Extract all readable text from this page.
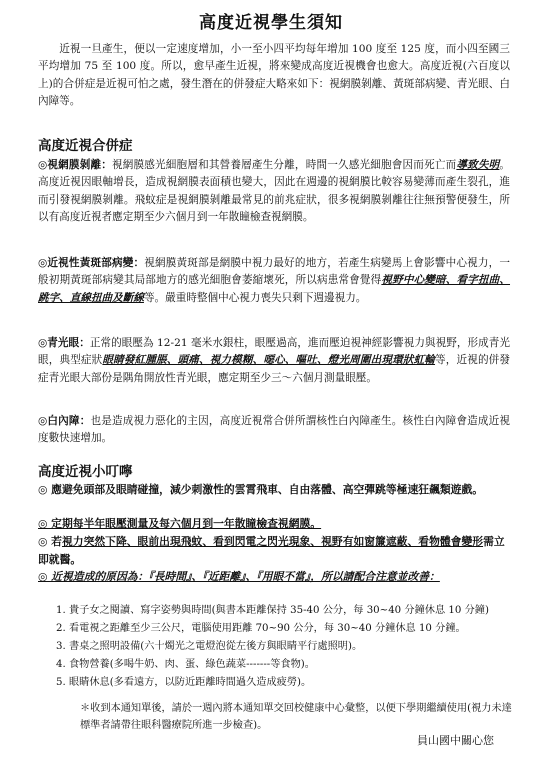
高度近視學生須知
近視一旦產生，便以一定速度增加，小一至小四平均每年增加 100 度至 125 度，而小四至國三平均增加 75 至 100 度。所以，愈早產生近視，將來變成高度近視機會也愈大。高度近視(六百度以上)的合併症是近視可怕之處，發生潛在的併發症大略來如下：視網膜剝離、黃斑部病變、青光眼、白內障等。
高度近視合併症
◎視網膜剝離：視網膜感光細胞層和其營養層產生分離，時間一久感光細胞會因而死亡而導致失明。高度近視因眼軸增長，造成視網膜表面積也變大，因此在週邊的視網膜比較容易變薄而產生裂孔，進而引發視網膜剝離。飛蚊症是視網膜剝離最常見的前兆症狀，很多視網膜剝離往往無預警便發生，所以有高度近視者應定期至少六個月到一年散瞳檢查視網膜。
◎近視性黃斑部病變：視網膜黃斑部是網膜中視力最好的地方，若產生病變馬上會影響中心視力，一般初期黃斑部病變其局部地方的感光細胞會萎縮壞死，所以病患常會覺得視野中心變暗、看字扭曲、跳字、直線扭曲及斷線等。嚴重時整個中心視力喪失只剩下週邊視力。
◎青光眼：正常的眼壓為 12-21 毫米水銀柱，眼壓過高，進而壓迫視神經影響視力與視野，形成青光眼，典型症狀眼睛發紅腫脹、頭痛、視力模糊、噁心、嘔吐、燈光周圍出現環狀虹輪等，近視的併發症青光眼大部份是隅角開放性青光眼，應定期至少三～六個月測量眼壓。
◎白內障：也是造成視力惡化的主因，高度近視常合併所謂核性白內障產生。核性白內障會造成近視度數快速增加。
高度近視小叮嚀
◎ 應避免頭部及眼睛碰撞，減少刺激性的雲霄飛車、自由落體、高空彈跳等極速狂飆類遊戲。
◎ 定期每半年眼壓測量及每六個月到一年散瞳檢查視網膜。
◎ 若視力突然下降、眼前出現飛蚊、看到閃電之閃光現象、視野有如窗簾遮蔽、看物體會變形需立即就醫。
◎ 近視造成的原因為：『長時間』、『近距離』、『用眼不當』，所以請配合注意並改善：
1. 貴子女之閱讀、寫字姿勢與時間(與書本距離保持 35-40 公分，每 30~40 分鐘休息 10 分鐘)
2. 看電視之距離至少三公尺，電腦使用距離 70~90 公分，每 30~40 分鐘休息 10 分鐘。
3. 書桌之照明設備(六十燭光之電燈泡從左後方與眼睛平行處照明)。
4. 食物營養(多喝牛奶、肉、蛋、綠色蔬菜-------等食物)。
5. 眼睛休息(多看遠方，以防近距離時間過久造成疲勞)。
＊收到本通知單後，請於一週內將本通知單交回校健康中心彙整，以便下學期繼續使用(視力未達標準者請帶往眼科醫療院所進一步檢查)。
員山國中關心您
